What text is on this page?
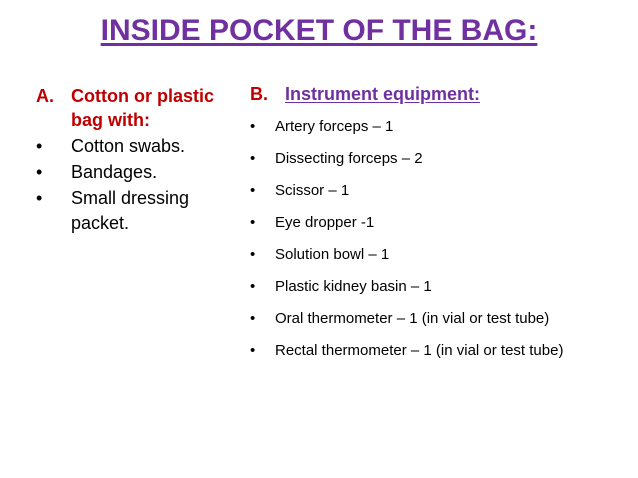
INSIDE POCKET OF THE BAG:
A. Cotton or plastic bag with:
•	Cotton swabs.
•	Bandages.
•	Small dressing packet.
B. Instrument equipment:
•	Artery forceps – 1
•	Dissecting forceps – 2
•	Scissor – 1
•	Eye dropper -1
•	Solution bowl – 1
•	Plastic kidney basin – 1
•	Oral thermometer – 1 (in vial or test tube)
•	Rectal thermometer – 1 (in vial or test tube)
